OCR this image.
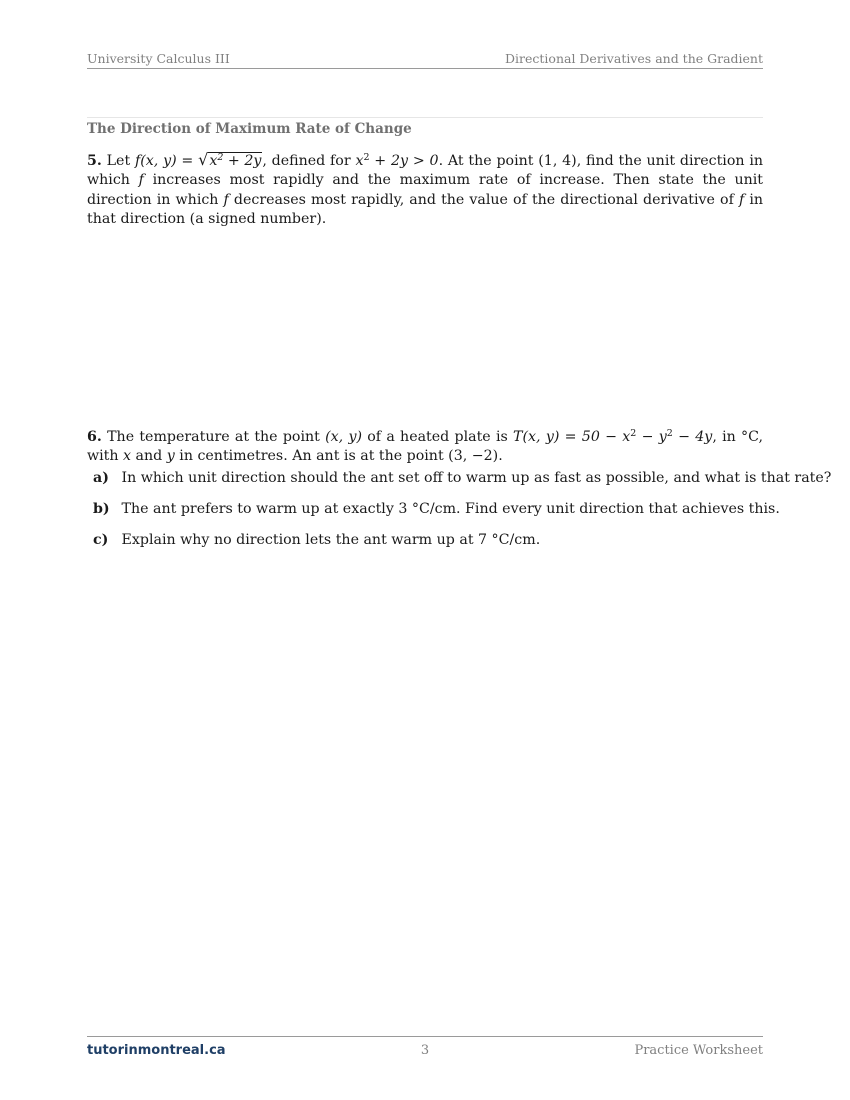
University Calculus III	Directional Derivatives and the Gradient
The Direction of Maximum Rate of Change
5. Let f(x, $y) = √x^2 + 2y$, defined for $x^2 + 2y > 0$. At the point (1, 4), find the unit direction in which f increases most rapidly and the maximum rate of increase. Then state the unit direction in which f decreases most rapidly, and the value of the directional derivative of f in that direction (a signed number).
6. The temperature at the point (x, y) of a heated plate is T(x, $y) = 50 - x^2 - y^2 - 4y$, in °C, with x and y in centimetres. An ant is at the point (3, −2).
a) In which unit direction should the ant set off to warm up as fast as possible, and what is that rate?
b) The ant prefers to warm up at exactly 3 °C/cm. Find every unit direction that achieves this.
c) Explain why no direction lets the ant warm up at 7 °C/cm.
tutorinmontreal.ca	3	Practice Worksheet
